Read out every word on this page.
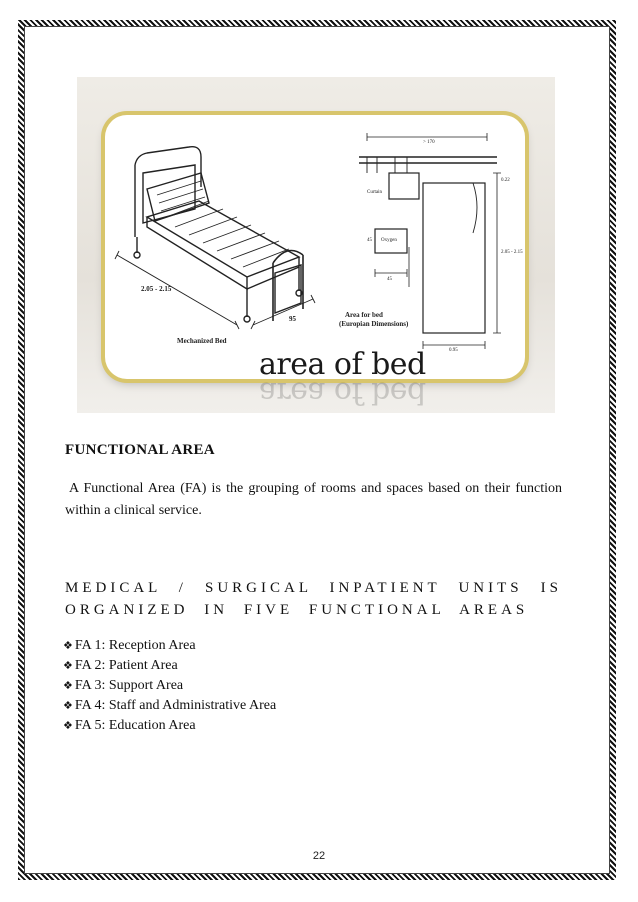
2.05 - 2.15
95
Mechanized Bed
Area for bed
(Europian Dimensions)
Curtain
Oxygen
> 170
2.05 - 2.15
0.22
0.95
45
45
area of bed
area of bed
FUNCTIONAL AREA
A Functional Area (FA) is the grouping of rooms and spaces based on their function within a clinical service.
MEDICAL / SURGICAL INPATIENT UNITS IS ORGANIZED IN FIVE FUNCTIONAL AREAS
❖ FA 1: Reception Area
❖ FA 2: Patient Area
❖ FA 3: Support Area
❖ FA 4: Staff and Administrative Area
❖ FA 5: Education Area
22
